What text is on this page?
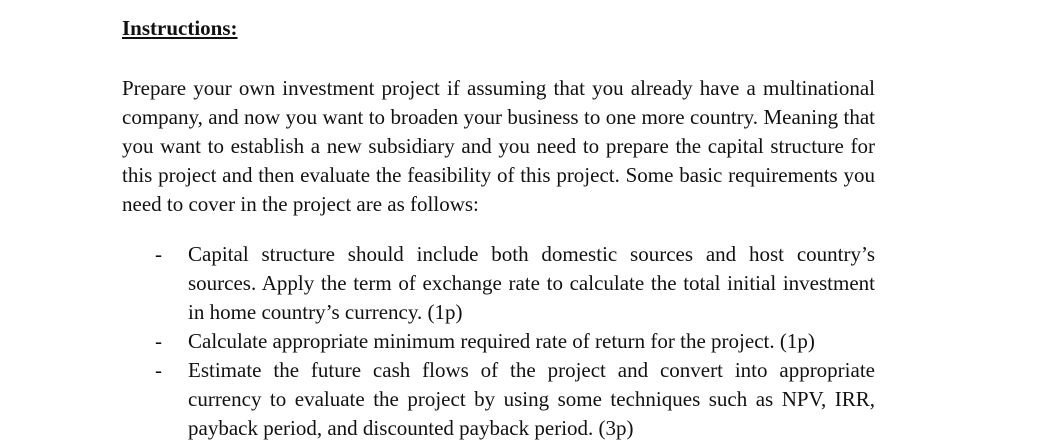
Instructions:

Prepare your own investment project if assuming that you already have a multinational company, and now you want to broaden your business to one more country. Meaning that you want to establish a new subsidiary and you need to prepare the capital structure for this project and then evaluate the feasibility of this project. Some basic requirements you need to cover in the project are as follows:

- Capital structure should include both domestic sources and host country’s sources. Apply the term of exchange rate to calculate the total initial investment in home country’s currency. (1p)
- Calculate appropriate minimum required rate of return for the project. (1p)
- Estimate the future cash flows of the project and convert into appropriate currency to evaluate the project by using some techniques such as NPV, IRR, payback period, and discounted payback period. (3p)
